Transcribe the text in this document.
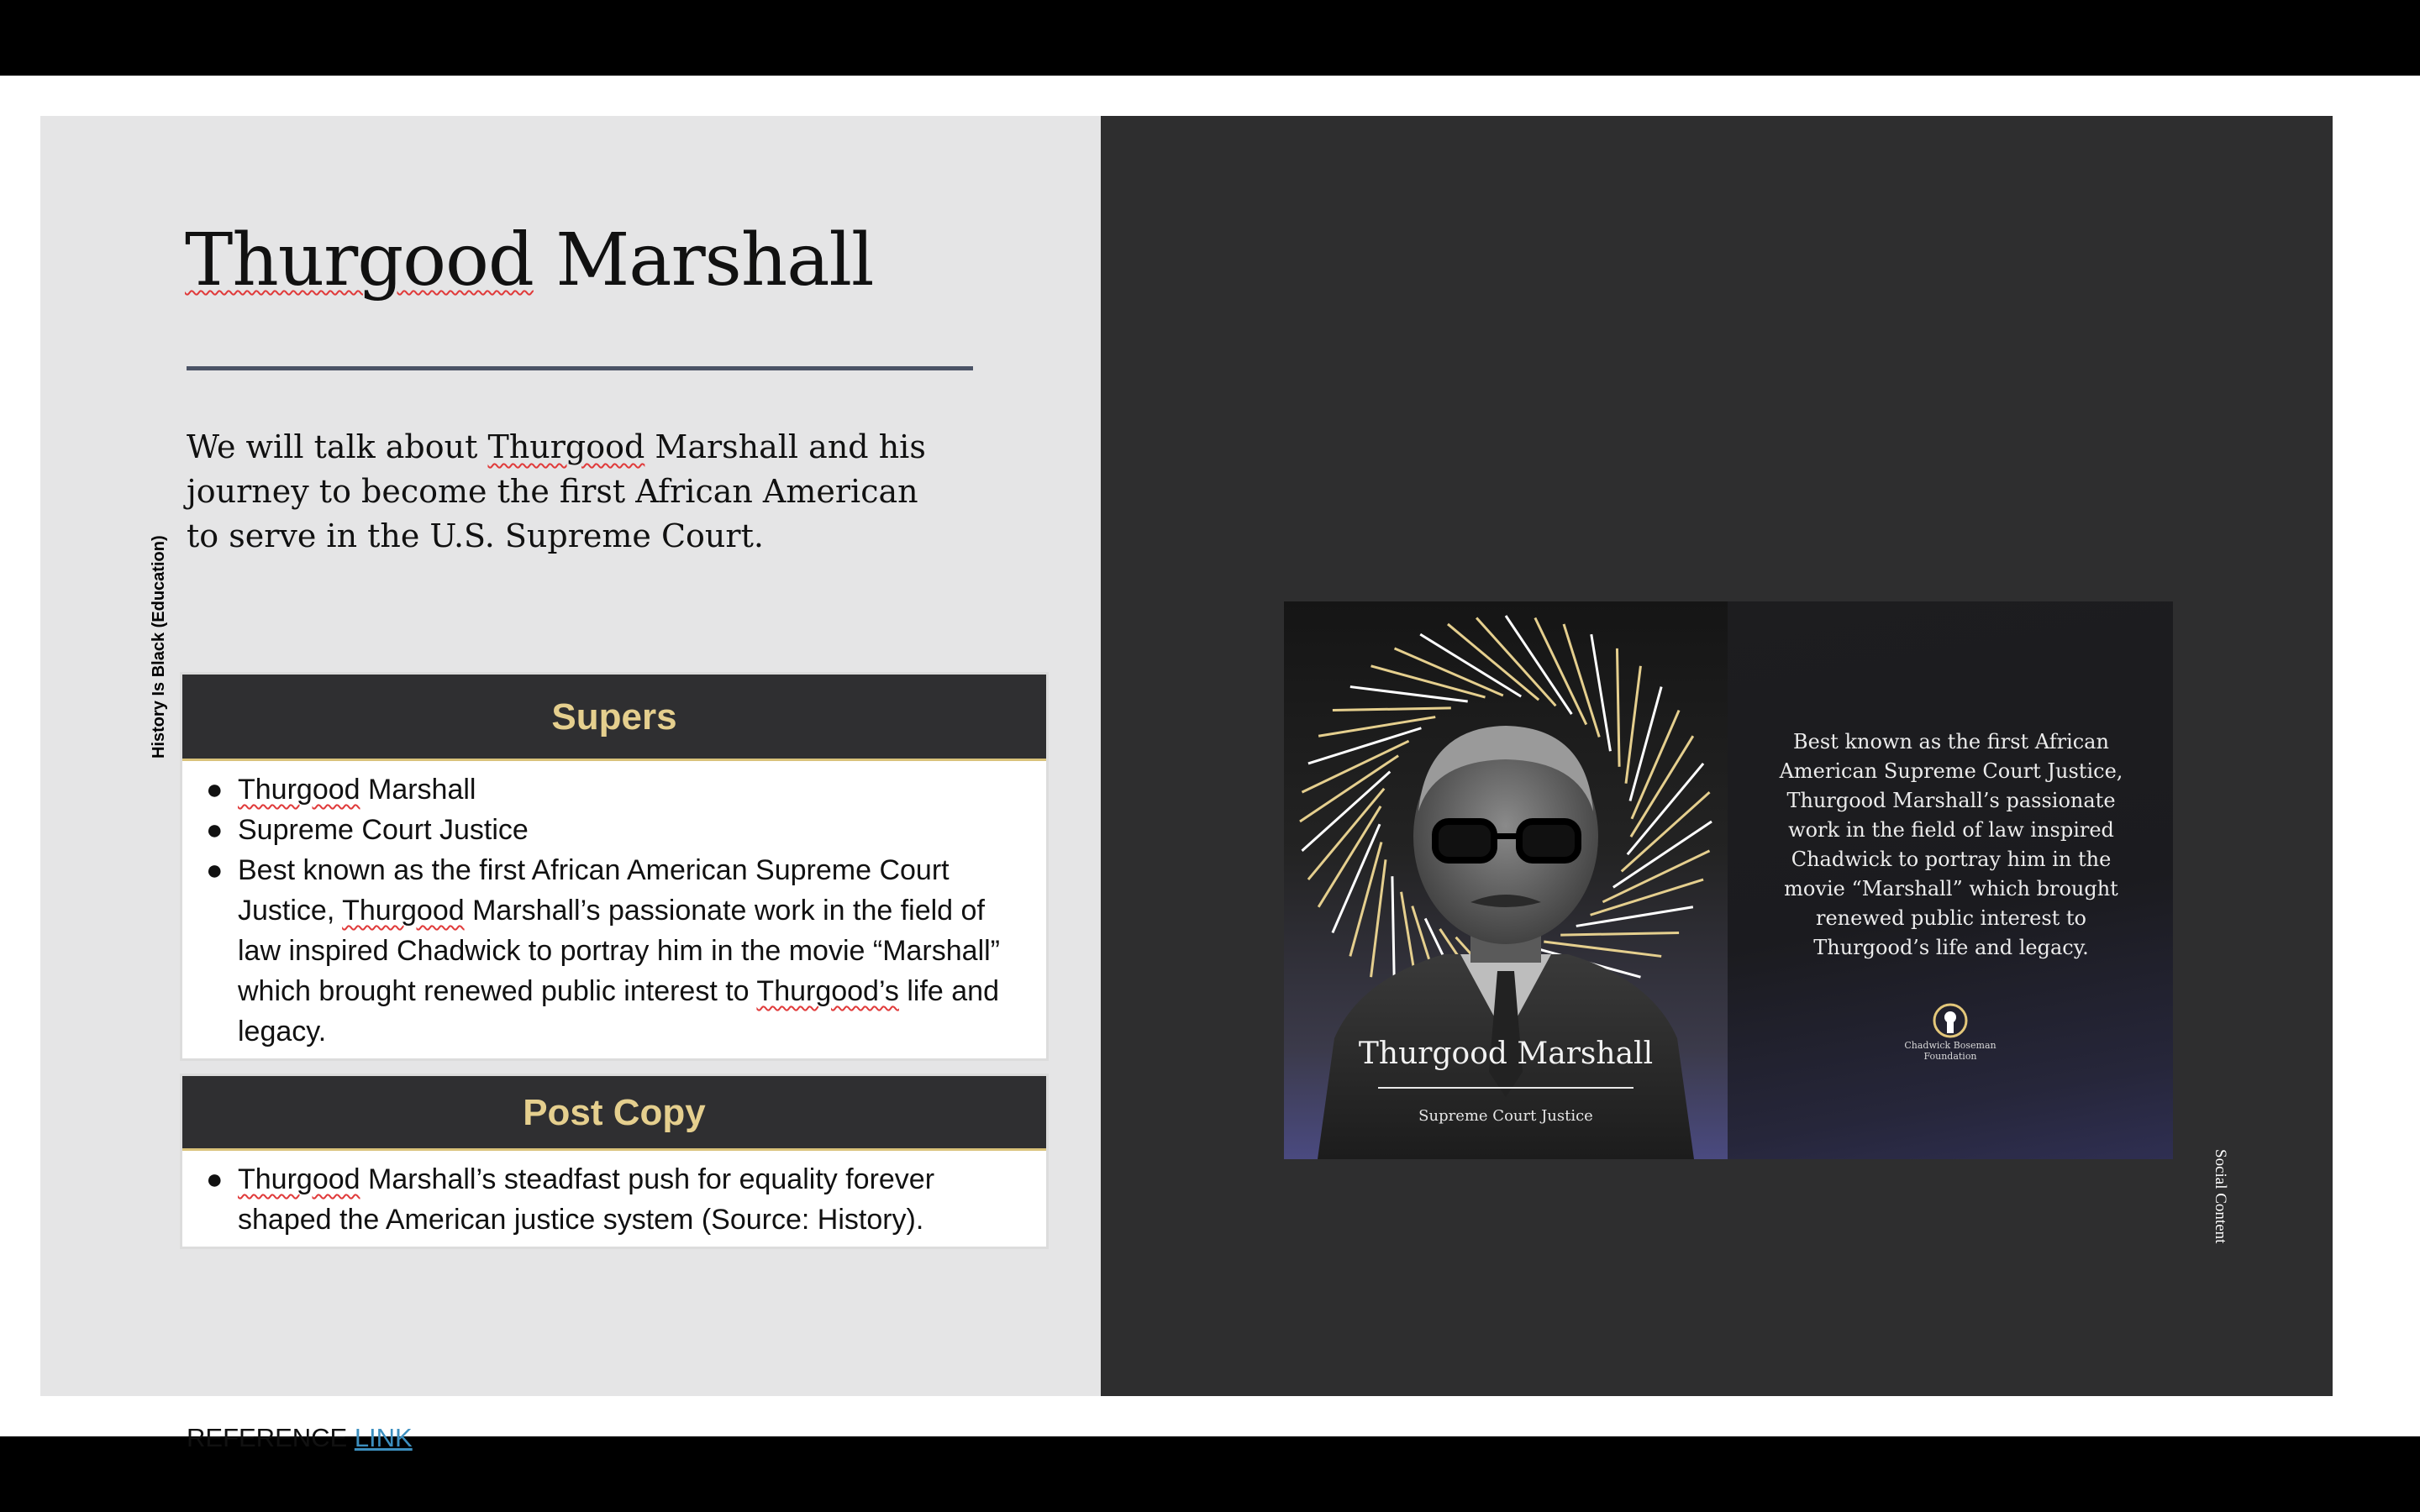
Thurgood Marshall
We will talk about Thurgood Marshall and his journey to become the first African American to serve in the U.S. Supreme Court.
Supers
● Thurgood Marshall
● Supreme Court Justice
● Best known as the first African American Supreme Court Justice, Thurgood Marshall’s passionate work in the field of law inspired Chadwick to portray him in the movie “Marshall” which brought renewed public interest to Thurgood’s life and legacy.
Post Copy
● Thurgood Marshall’s steadfast push for equality forever shaped the American justice system (Source: History).
REFERENCE LINK
History Is Black (Education)
Social Content
Thurgood Marshall
Supreme Court Justice
Best known as the first African American Supreme Court Justice, Thurgood Marshall’s passionate work in the field of law inspired Chadwick to portray him in the movie “Marshall” which brought renewed public interest to Thurgood’s life and legacy.
Chadwick Boseman Foundation
